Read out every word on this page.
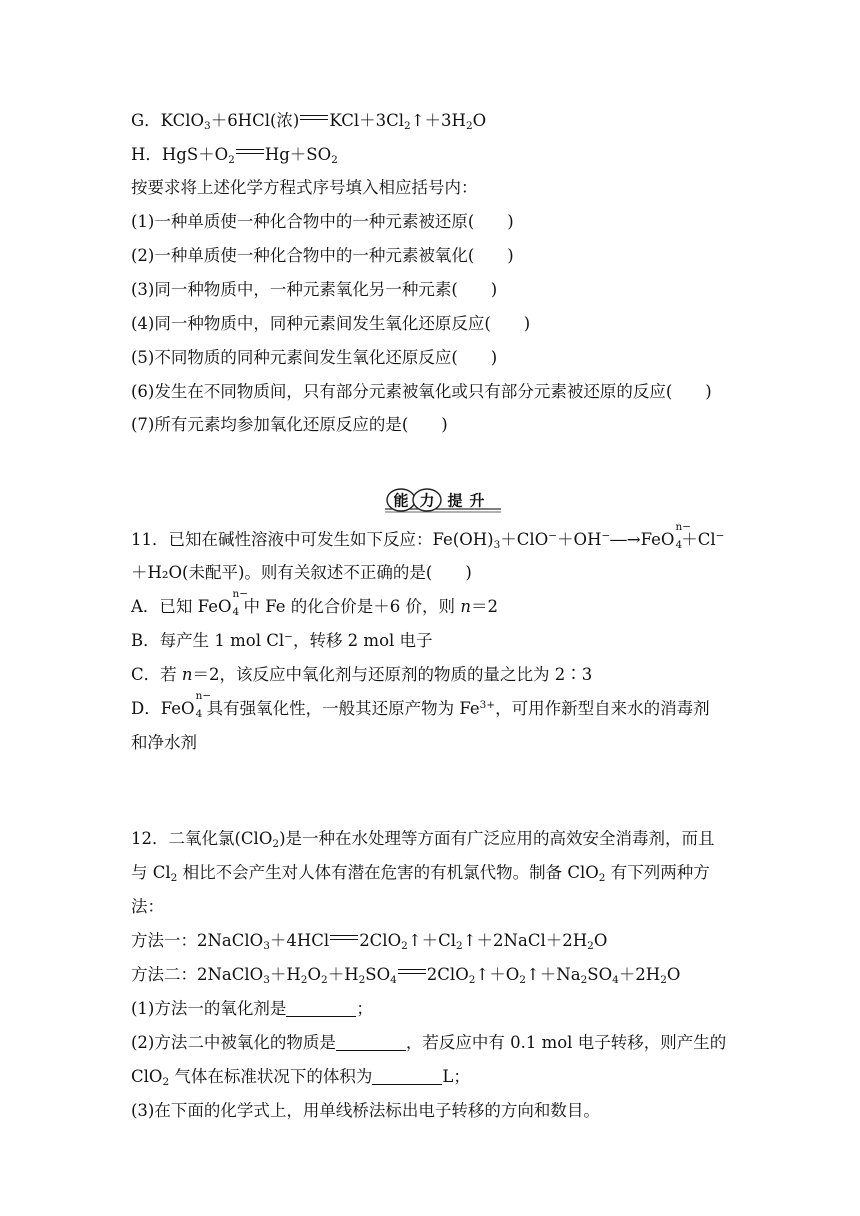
G．KClO$_3$＋6HCl(浓) $KCl+3Cl_2↑+3H_2O$
H．$HgS+O_2$ $Hg+SO_2$
按要求将上述化学方程式序号填入相应括号内：
(1)一种单质使一种化合物中的一种元素被还原(　　)
(2)一种单质使一种化合物中的一种元素被氧化(　　)
(3)同一种物质中，一种元素氧化另一种元素(　　)
(4)同一种物质中，同种元素间发生氧化还原反应(　　)
(5)不同物质的同种元素间发生氧化还原反应(　　)
(6)发生在不同物质间，只有部分元素被氧化或只有部分元素被还原的反应(　　)
(7)所有元素均参加氧化还原反应的是(　　)
能 力 提 升
11．已知在碱性溶液中可发生如下反应：$Fe(OH)_3+ClO^-+OH^-―\to FeO$
n−
4 ＋Cl−
＋H₂O(未配平)。则有关叙述不正确的是(　　)
A．已知 FeO
n−
4 中 Fe 的化合价是＋6 价，则 n＝2
B．每产生 1 mol Cl−，转移 2 mol 电子
C．若 n＝2，该反应中氧化剂与还原剂的物质的量之比为 2∶3
D．FeO
n−
4 具有强氧化性，一般其还原产物为 $Fe^{3+}$，可用作新型自来水的消毒剂
和净水剂
12．二氧化氯(ClO$_2$)是一种在水处理等方面有广泛应用的高效安全消毒剂，而且
与 $Cl_2$ 相比不会产生对人体有潜在危害的有机氯代物。制备 ClO$_2$ 有下列两种方
法：
方法一：2NaClO$_3$＋4HCl $2ClO_2↑+Cl_2↑+2NaCl+2H_2O$
方法二：$2NaClO_3+H_2O_2+H_2SO_4$ $2ClO_2↑+O_2↑+Na_2SO_4+2H_2O$
(1)方法一的氧化剂是	；
(2)方法二中被氧化的物质是	，若反应中有 0.1 mol 电子转移，则产生的
ClO$_2$ 气体在标准状况下的体积为	L；
(3)在下面的化学式上，用单线桥法标出电子转移的方向和数目。
